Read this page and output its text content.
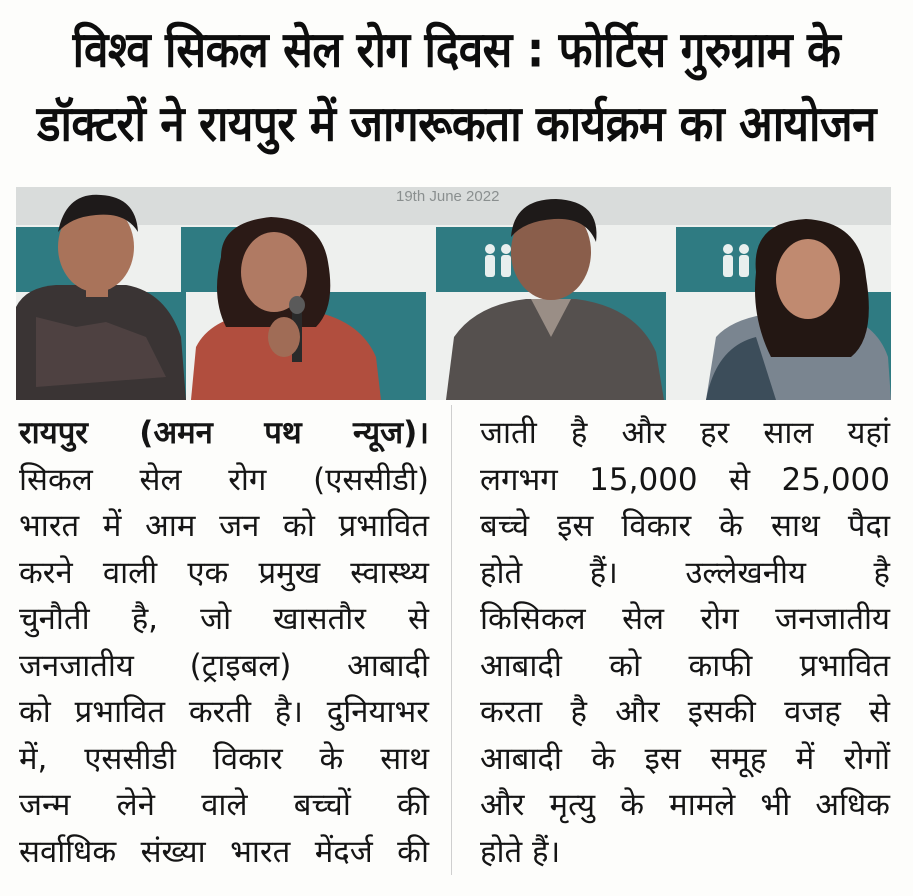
विश्व सिकल सेल रोग दिवस : फोर्टिस गुरुग्राम के
डॉक्टरों ने रायपुर में जागरूकता कार्यक्रम का आयोजन
19th June 2022
रायपुर (अमन पथ न्यूज)।
सिकल सेल रोग (एससीडी)
भारत में आम जन को प्रभावित
करने वाली एक प्रमुख स्वास्थ्य
चुनौती है, जो खासतौर से
जनजातीय (ट्राइबल) आबादी
को प्रभावित करती है। दुनियाभर
में, एससीडी विकार के साथ
जन्म लेने वाले बच्चों की
सर्वाधिक संख्या भारत मेंदर्ज की
जाती है और हर साल यहां
लगभग 15,000 से 25,000
बच्चे इस विकार के साथ पैदा
होते हैं। उल्लेखनीय है
किसिकल सेल रोग जनजातीय
आबादी को काफी प्रभावित
करता है और इसकी वजह से
आबादी के इस समूह में रोगों
और मृत्यु के मामले भी अधिक
होते हैं।
